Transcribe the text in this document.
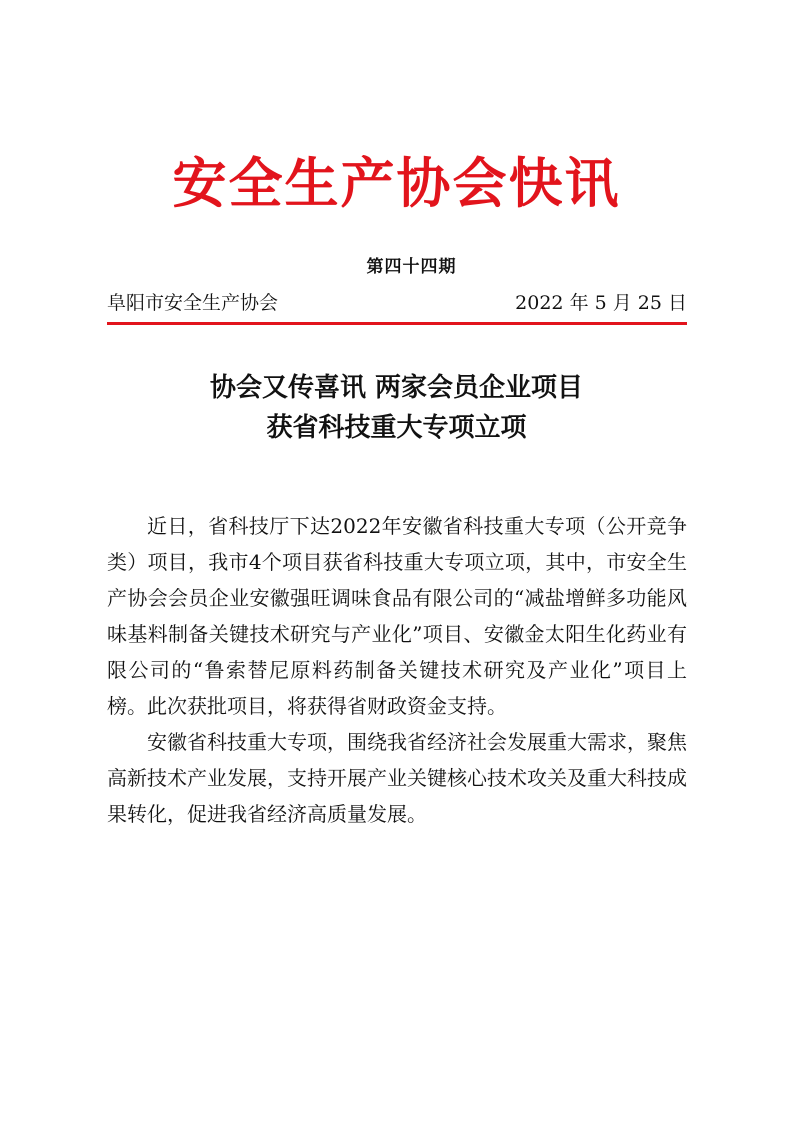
安全生产协会快讯
第四十四期
阜阳市安全生产协会	2022 年 5 月 25 日
协会又传喜讯 两家会员企业项目
获省科技重大专项立项

近日，省科技厅下达2022年安徽省科技重大专项（公开竞争类）项目，我市4个项目获省科技重大专项立项，其中，市安全生产协会会员企业安徽强旺调味食品有限公司的“减盐增鲜多功能风味基料制备关键技术研究与产业化”项目、安徽金太阳生化药业有限公司的“鲁索替尼原料药制备关键技术研究及产业化”项目上榜。此次获批项目，将获得省财政资金支持。

安徽省科技重大专项，围绕我省经济社会发展重大需求，聚焦高新技术产业发展，支持开展产业关键核心技术攻关及重大科技成果转化，促进我省经济高质量发展。
